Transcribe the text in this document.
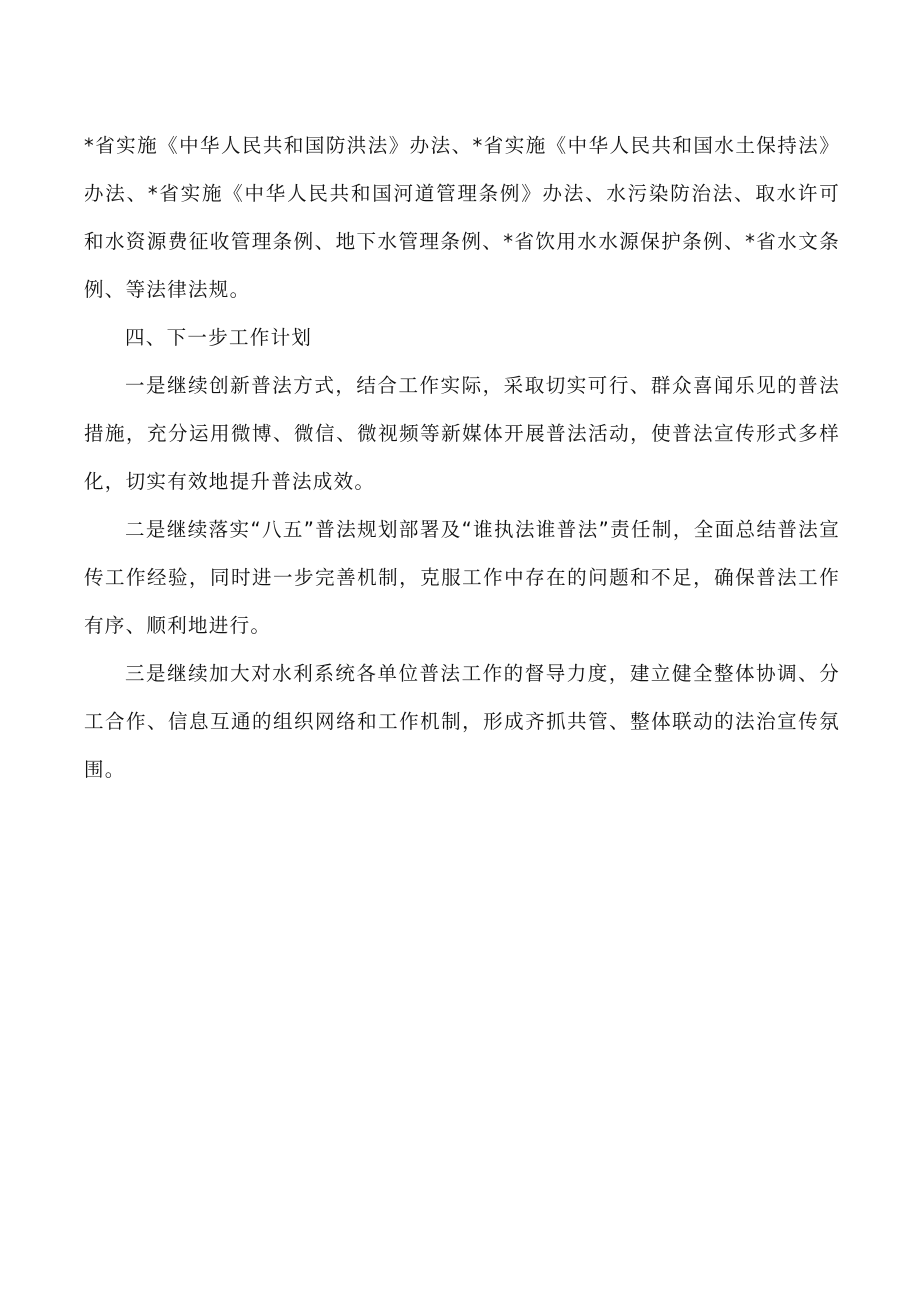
*省实施《中华人民共和国防洪法》办法、*省实施《中华人民共和国水土保持法》办法、*省实施《中华人民共和国河道管理条例》办法、水污染防治法、取水许可和水资源费征收管理条例、地下水管理条例、*省饮用水水源保护条例、*省水文条例、等法律法规。

四、下一步工作计划

一是继续创新普法方式，结合工作实际，采取切实可行、群众喜闻乐见的普法措施，充分运用微博、微信、微视频等新媒体开展普法活动，使普法宣传形式多样化，切实有效地提升普法成效。

二是继续落实“八五”普法规划部署及“谁执法谁普法”责任制，全面总结普法宣传工作经验，同时进一步完善机制，克服工作中存在的问题和不足，确保普法工作有序、顺利地进行。

三是继续加大对水利系统各单位普法工作的督导力度，建立健全整体协调、分工合作、信息互通的组织网络和工作机制，形成齐抓共管、整体联动的法治宣传氛围。
